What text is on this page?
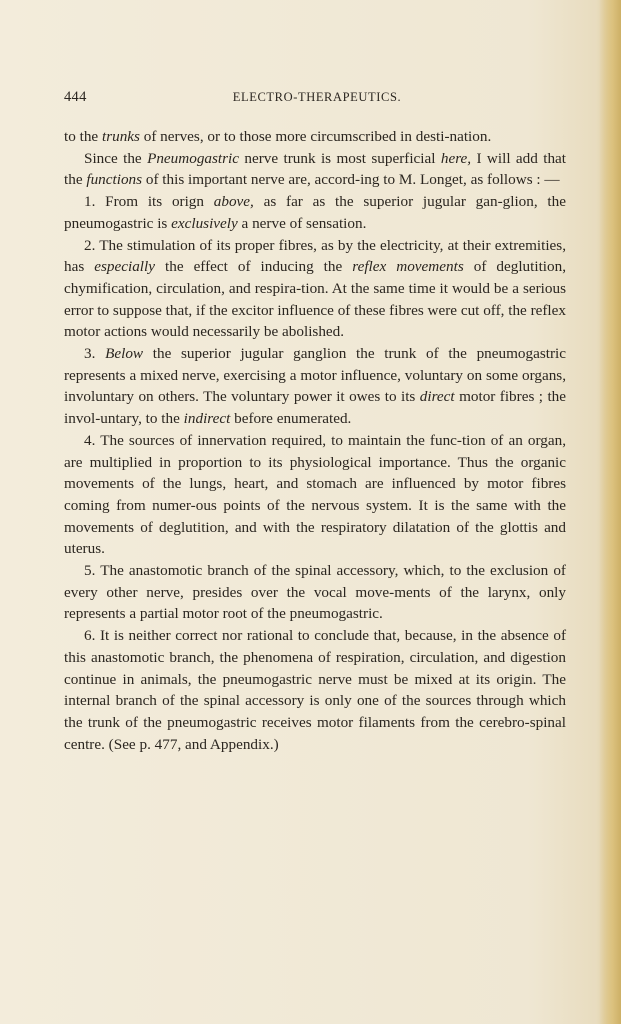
444	ELECTRO-THERAPEUTICS.

to the trunks of nerves, or to those more circumscribed in desti-nation.

Since the Pneumogastric nerve trunk is most superficial here, I will add that the functions of this important nerve are, accord-ing to M. Longet, as follows : —

1. From its orign above, as far as the superior jugular gan-glion, the pneumogastric is exclusively a nerve of sensation.

2. The stimulation of its proper fibres, as by the electricity, at their extremities, has especially the effect of inducing the reflex movements of deglutition, chymification, circulation, and respira-tion. At the same time it would be a serious error to suppose that, if the excitor influence of these fibres were cut off, the reflex motor actions would necessarily be abolished.

3. Below the superior jugular ganglion the trunk of the pneumogastric represents a mixed nerve, exercising a motor influence, voluntary on some organs, involuntary on others. The voluntary power it owes to its direct motor fibres ; the invol-untary, to the indirect before enumerated.

4. The sources of innervation required, to maintain the func-tion of an organ, are multiplied in proportion to its physiological importance. Thus the organic movements of the lungs, heart, and stomach are influenced by motor fibres coming from numer-ous points of the nervous system. It is the same with the movements of deglutition, and with the respiratory dilatation of the glottis and uterus.

5. The anastomotic branch of the spinal accessory, which, to the exclusion of every other nerve, presides over the vocal move-ments of the larynx, only represents a partial motor root of the pneumogastric.

6. It is neither correct nor rational to conclude that, because, in the absence of this anastomotic branch, the phenomena of respiration, circulation, and digestion continue in animals, the pneumogastric nerve must be mixed at its origin. The internal branch of the spinal accessory is only one of the sources through which the trunk of the pneumogastric receives motor filaments from the cerebro-spinal centre. (See p. 477, and Appendix.)
